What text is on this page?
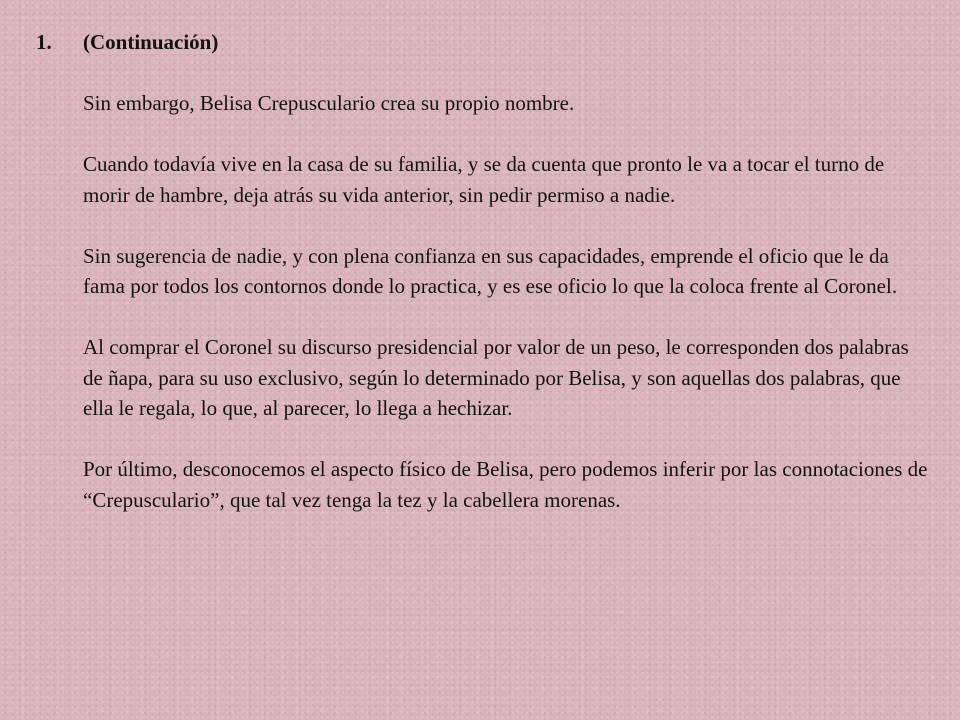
1. (Continuación)

Sin embargo, Belisa Crepusculario crea su propio nombre.

Cuando todavía vive en la casa de su familia, y se da cuenta que pronto le va a tocar el turno de morir de hambre, deja atrás su vida anterior, sin pedir permiso a nadie.

Sin sugerencia de nadie, y con plena confianza en sus capacidades, emprende el oficio que le da fama por todos los contornos donde lo practica, y es ese oficio lo que la coloca frente al Coronel.

Al comprar el Coronel su discurso presidencial por valor de un peso, le corresponden dos palabras de ñapa, para su uso exclusivo, según lo determinado por Belisa, y son aquellas dos palabras, que ella le regala, lo que, al parecer, lo llega a hechizar.

Por último, desconocemos el aspecto físico de Belisa, pero podemos inferir por las connotaciones de “Crepusculario”, que tal vez tenga la tez y la cabellera morenas.
